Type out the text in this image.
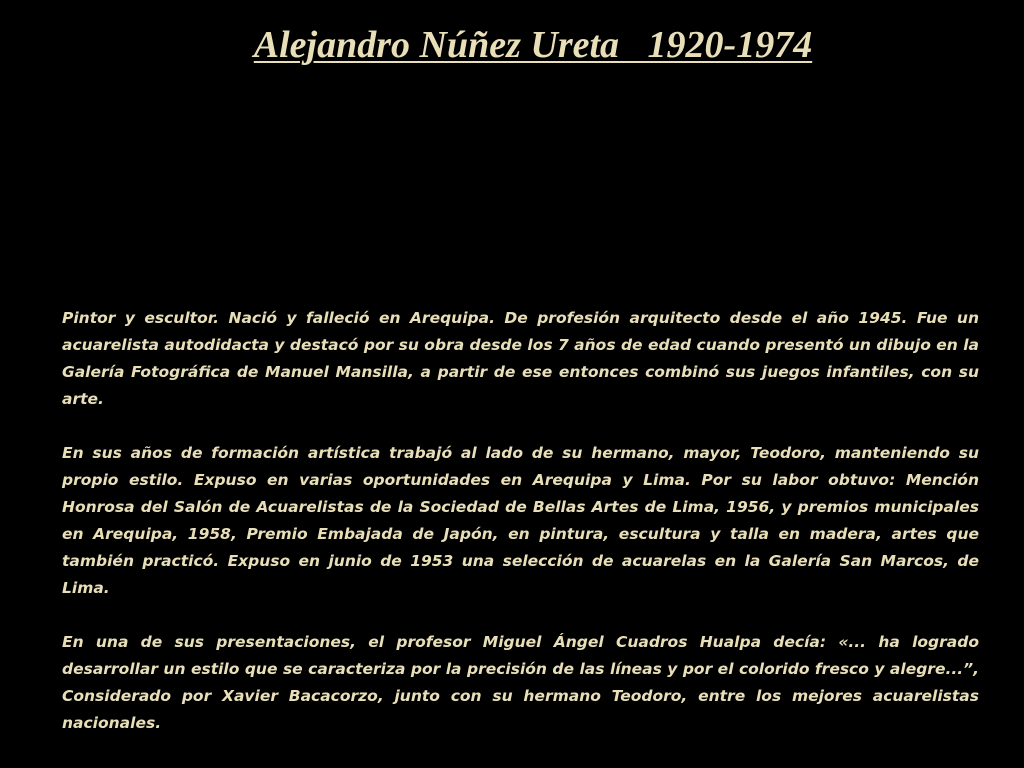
Alejandro Núñez Ureta   1920-1974

Pintor y escultor. Nació y falleció en Arequipa. De profesión arquitecto desde el año 1945. Fue un acuarelista autodidacta y destacó por su obra desde los 7 años de edad cuando presentó un dibujo en la Galería Fotográfica de Manuel Mansilla, a partir de ese entonces combinó sus juegos infantiles, con su arte.

En sus años de formación artística trabajó al lado de su hermano, mayor, Teodoro, manteniendo su propio estilo. Expuso en varias oportunidades en Arequipa y Lima. Por su labor obtuvo: Mención Honrosa del Salón de Acuarelistas de la Sociedad de Bellas Artes de Lima, 1956, y premios municipales en Arequipa, 1958, Premio Embajada de Japón, en pintura, escultura y talla en madera, artes que también practicó. Expuso en junio de 1953 una selección de acuarelas en la Galería San Marcos, de Lima.

En una de sus presentaciones, el profesor Miguel Ángel Cuadros Hualpa decía: «... ha logrado desarrollar un estilo que se caracteriza por la precisión de las líneas y por el colorido fresco y alegre...”, Considerado por Xavier Bacacorzo, junto con su hermano Teodoro, entre los mejores acuarelistas nacionales.
